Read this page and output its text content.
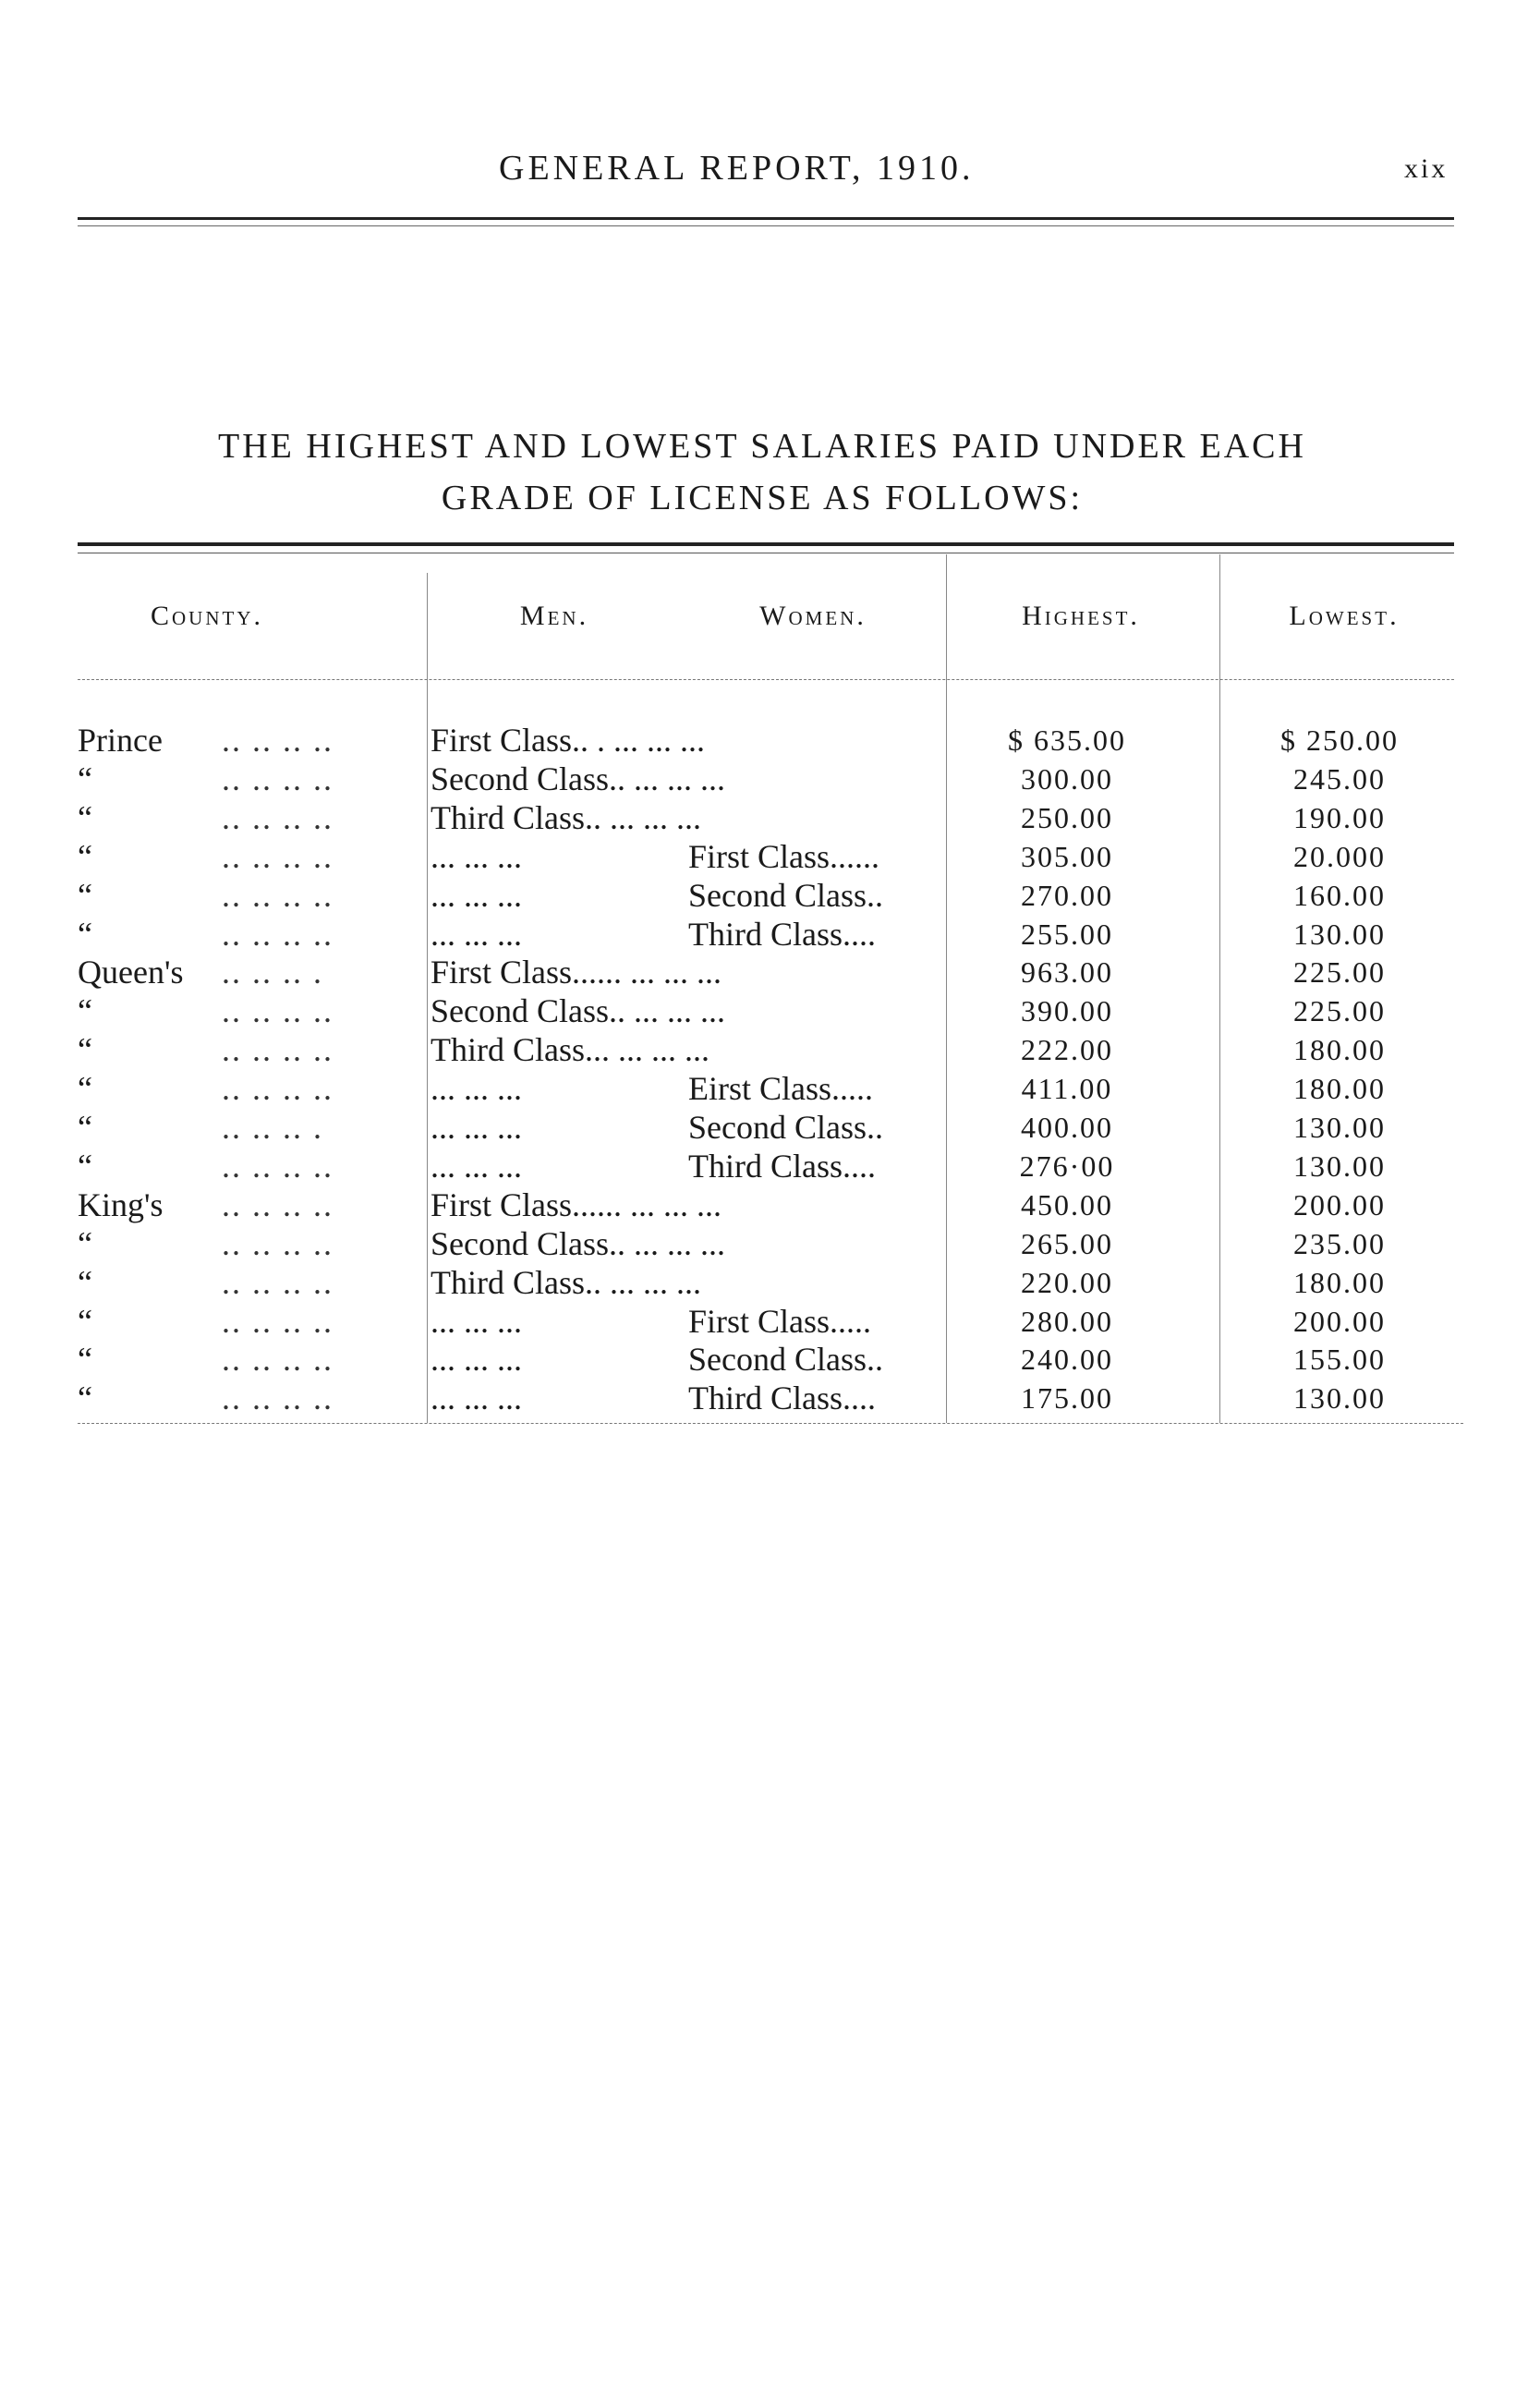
GENERAL REPORT, 1910.	xix
THE HIGHEST AND LOWEST SALARIES PAID UNDER EACH
GRADE OF LICENSE AS FOLLOWS:
County.	Men.	Women.	Highest.	Lowest.
Prince	.. .. .. ..	First Class.. . ... ... ...	$ 635.00	$ 250.00
“	.. .. .. ..	Second Class.. ... ... ...	300.00	245.00
“	.. .. .. ..	Third Class.. ... ... ...	250.00	190.00
“	.. .. .. ..	... ... ...	First Class......	305.00	20.000
“	.. .. .. ..	... ... ...	Second Class..	270.00	160.00
“	.. .. .. ..	... ... ...	Third Class....	255.00	130.00
Queen's	.. .. .. .	First Class...... ... ... ...	963.00	225.00
“	.. .. .. ..	Second Class.. ... ... ...	390.00	225.00
“	.. .. .. ..	Third Class... ... ... ...	222.00	180.00
“	.. .. .. ..	... ... ...	Eirst Class.....	411.00	180.00
“	.. .. .. .	... ... ...	Second Class..	400.00	130.00
“	.. .. .. ..	... ... ...	Third Class....	276·00	130.00
King's	.. .. .. ..	First Class...... ... ... ...	450.00	200.00
“	.. .. .. ..	Second Class.. ... ... ...	265.00	235.00
“	.. .. .. ..	Third Class.. ... ... ...	220.00	180.00
“	.. .. .. ..	... ... ...	First Class.....	280.00	200.00
“	.. .. .. ..	... ... ...	Second Class..	240.00	155.00
“	.. .. .. ..	... ... ...	Third Class....	175.00	130.00
